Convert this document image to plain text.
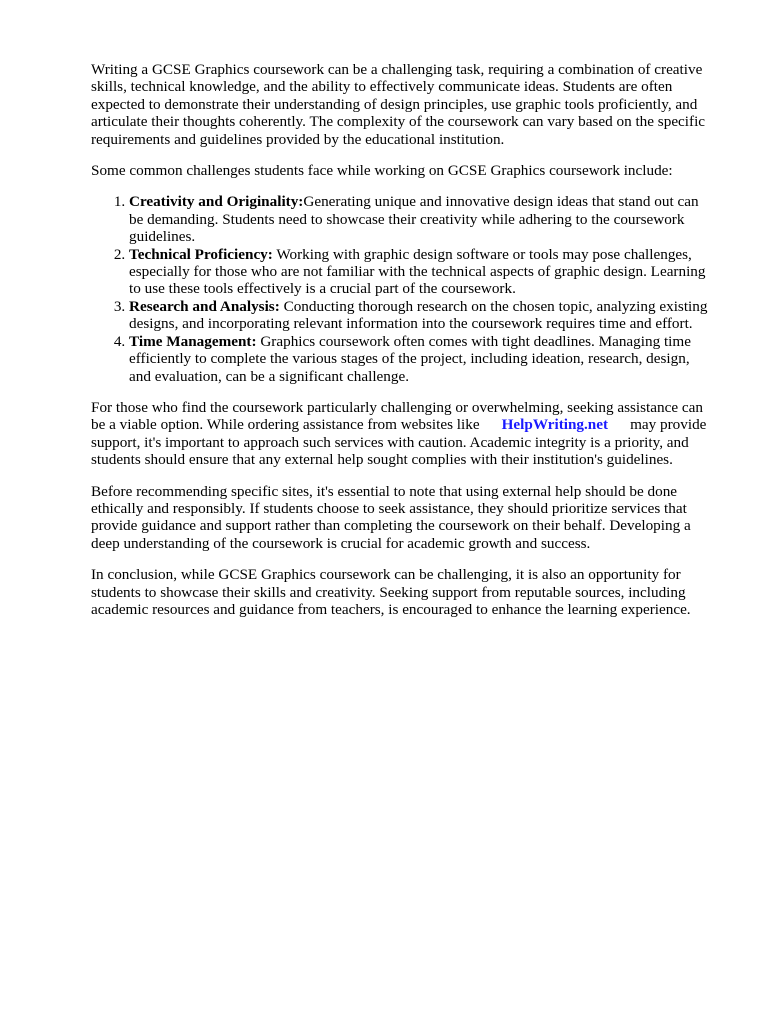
Writing a GCSE Graphics coursework can be a challenging task, requiring a combination of creative skills, technical knowledge, and the ability to effectively communicate ideas. Students are often expected to demonstrate their understanding of design principles, use graphic tools proficiently, and articulate their thoughts coherently. The complexity of the coursework can vary based on the specific requirements and guidelines provided by the educational institution.

Some common challenges students face while working on GCSE Graphics coursework include:

1. Creativity and Originality:Generating unique and innovative design ideas that stand out can be demanding. Students need to showcase their creativity while adhering to the coursework guidelines.
2. Technical Proficiency: Working with graphic design software or tools may pose challenges, especially for those who are not familiar with the technical aspects of graphic design. Learning to use these tools effectively is a crucial part of the coursework.
3. Research and Analysis: Conducting thorough research on the chosen topic, analyzing existing designs, and incorporating relevant information into the coursework requires time and effort.
4. Time Management: Graphics coursework often comes with tight deadlines. Managing time efficiently to complete the various stages of the project, including ideation, research, design, and evaluation, can be a significant challenge.

For those who find the coursework particularly challenging or overwhelming, seeking assistance can be a viable option. While ordering assistance from websites like HelpWriting.net may provide support, it's important to approach such services with caution. Academic integrity is a priority, and students should ensure that any external help sought complies with their institution's guidelines.

Before recommending specific sites, it's essential to note that using external help should be done ethically and responsibly. If students choose to seek assistance, they should prioritize services that provide guidance and support rather than completing the coursework on their behalf. Developing a deep understanding of the coursework is crucial for academic growth and success.

In conclusion, while GCSE Graphics coursework can be challenging, it is also an opportunity for students to showcase their skills and creativity. Seeking support from reputable sources, including academic resources and guidance from teachers, is encouraged to enhance the learning experience.
